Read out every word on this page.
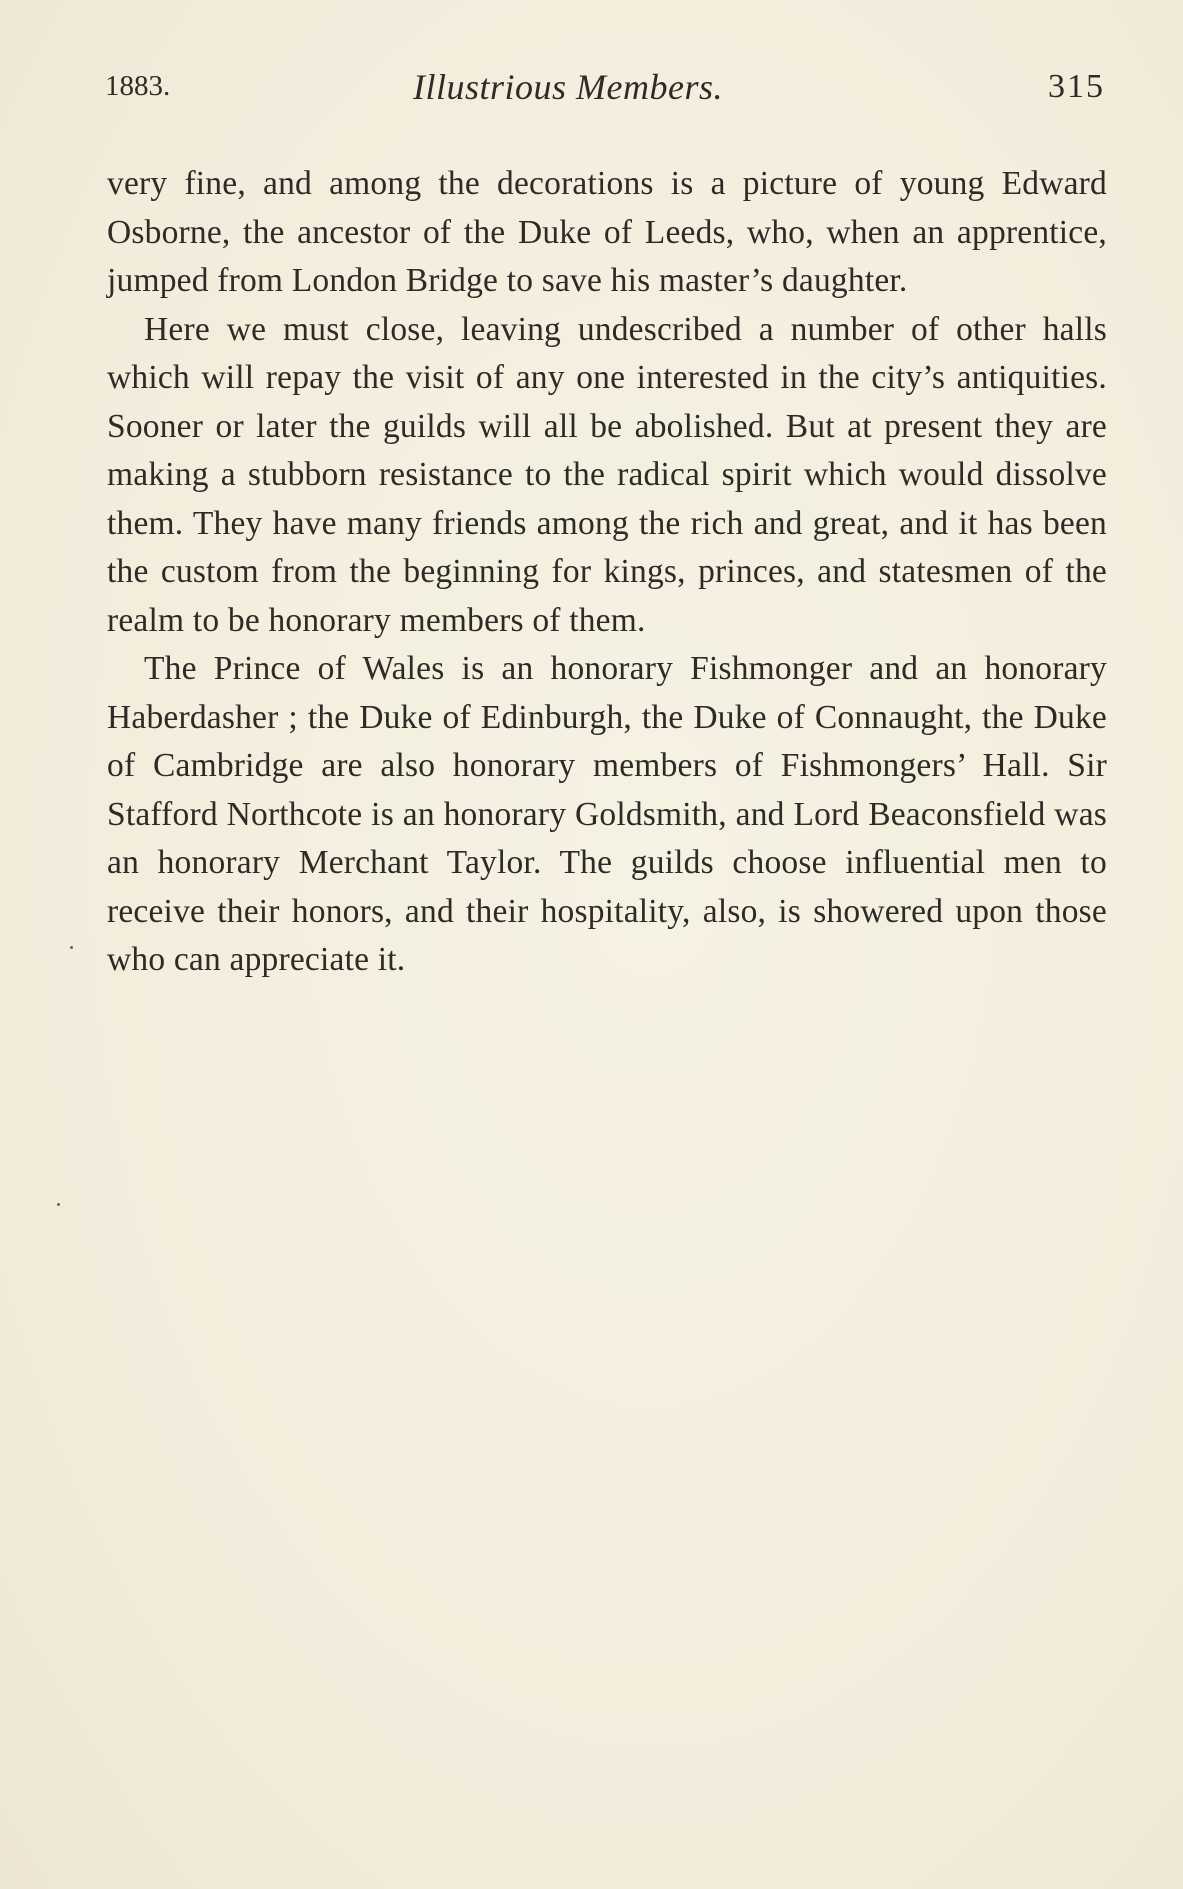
1883.	Illustrious Members.	315

very fine, and among the decorations is a picture of young Edward Osborne, the ancestor of the Duke of Leeds, who, when an apprentice, jumped from London Bridge to save his master’s daughter.

Here we must close, leaving undescribed a number of other halls which will repay the visit of any one interested in the city’s antiquities. Sooner or later the guilds will all be abolished. But at present they are making a stubborn resistance to the radical spirit which would dissolve them. They have many friends among the rich and great, and it has been the custom from the beginning for kings, princes, and statesmen of the realm to be honorary members of them.

The Prince of Wales is an honorary Fishmonger and an honorary Haberdasher ; the Duke of Edinburgh, the Duke of Connaught, the Duke of Cambridge are also honorary members of Fishmongers’ Hall. Sir Stafford Northcote is an honorary Goldsmith, and Lord Beaconsfield was an honorary Merchant Taylor. The guilds choose influential men to receive their honors, and their hospitality, also, is showered upon those who can appreciate it.
